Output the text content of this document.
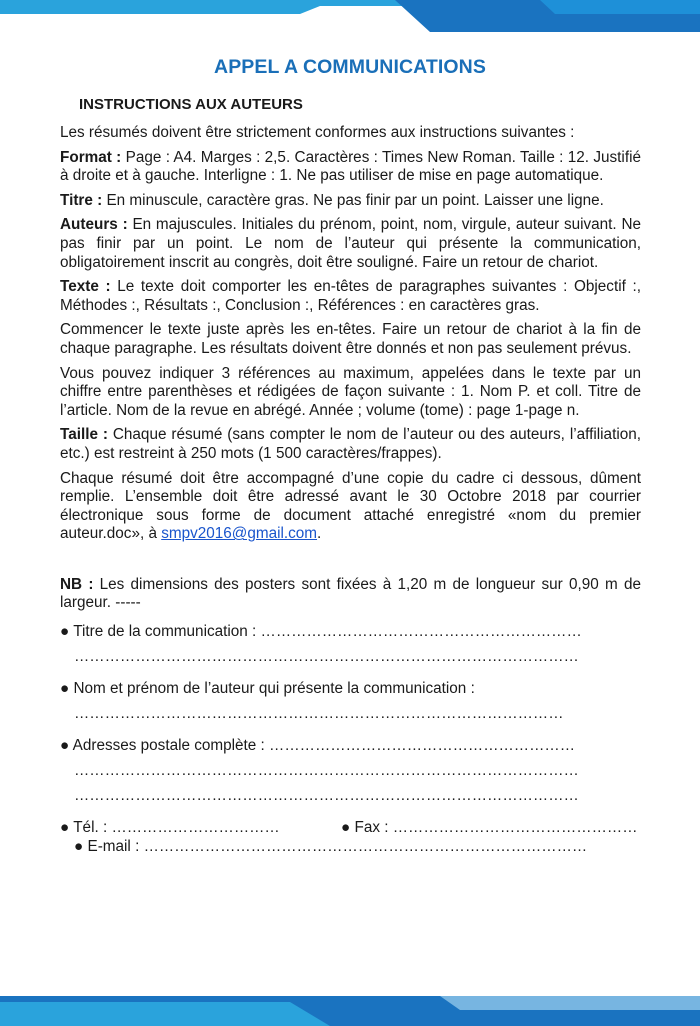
APPEL A COMMUNICATIONS
INSTRUCTIONS AUX AUTEURS

Les résumés doivent être strictement conformes aux instructions suivantes :

Format : Page : A4. Marges : 2,5. Caractères : Times New Roman. Taille : 12. Justifié à droite et à gauche. Interligne : 1. Ne pas utiliser de mise en page automatique.

Titre : En minuscule, caractère gras. Ne pas finir par un point. Laisser une ligne.

Auteurs : En majuscules. Initiales du prénom, point, nom, virgule, auteur suivant. Ne pas finir par un point. Le nom de l’auteur qui présente la communication, obligatoirement inscrit au congrès, doit être souligné. Faire un retour de chariot.

Texte : Le texte doit comporter les en-têtes de paragraphes suivantes : Objectif :, Méthodes :, Résultats :, Conclusion :, Références : en caractères gras.

Commencer le texte juste après les en-têtes. Faire un retour de chariot à la fin de chaque paragraphe. Les résultats doivent être donnés et non pas seulement prévus.

Vous pouvez indiquer 3 références au maximum, appelées dans le texte par un chiffre entre parenthèses et rédigées de façon suivante : 1. Nom P. et coll. Titre de l’article. Nom de la revue en abrégé. Année ; volume (tome) : page 1-page n.

Taille : Chaque résumé (sans compter le nom de l’auteur ou des auteurs, l’affiliation, etc.) est restreint à 250 mots (1 500 caractères/frappes).

Chaque résumé doit être accompagné d’une copie du cadre ci dessous, dûment remplie. L’ensemble doit être adressé avant le 30 Octobre 2018 par courrier électronique sous forme de document attaché enregistré «nom du premier auteur.doc», à smpv2016@gmail.com.

NB : Les dimensions des posters sont fixées à 1,20 m de longueur sur 0,90 m de largeur. -----

● Titre de la communication : ………………………………………………………

………………………………………………………………………………………

● Nom et prénom de l’auteur qui présente la communication :

……………………………………………………………………………………

● Adresses postale complète : ……………………………………………………

………………………………………………………………………………………

………………………………………………………………………………………

● Tél. : ……………………………	● Fax : …………………………………………

● E-mail : ……………………………………………………………………………
